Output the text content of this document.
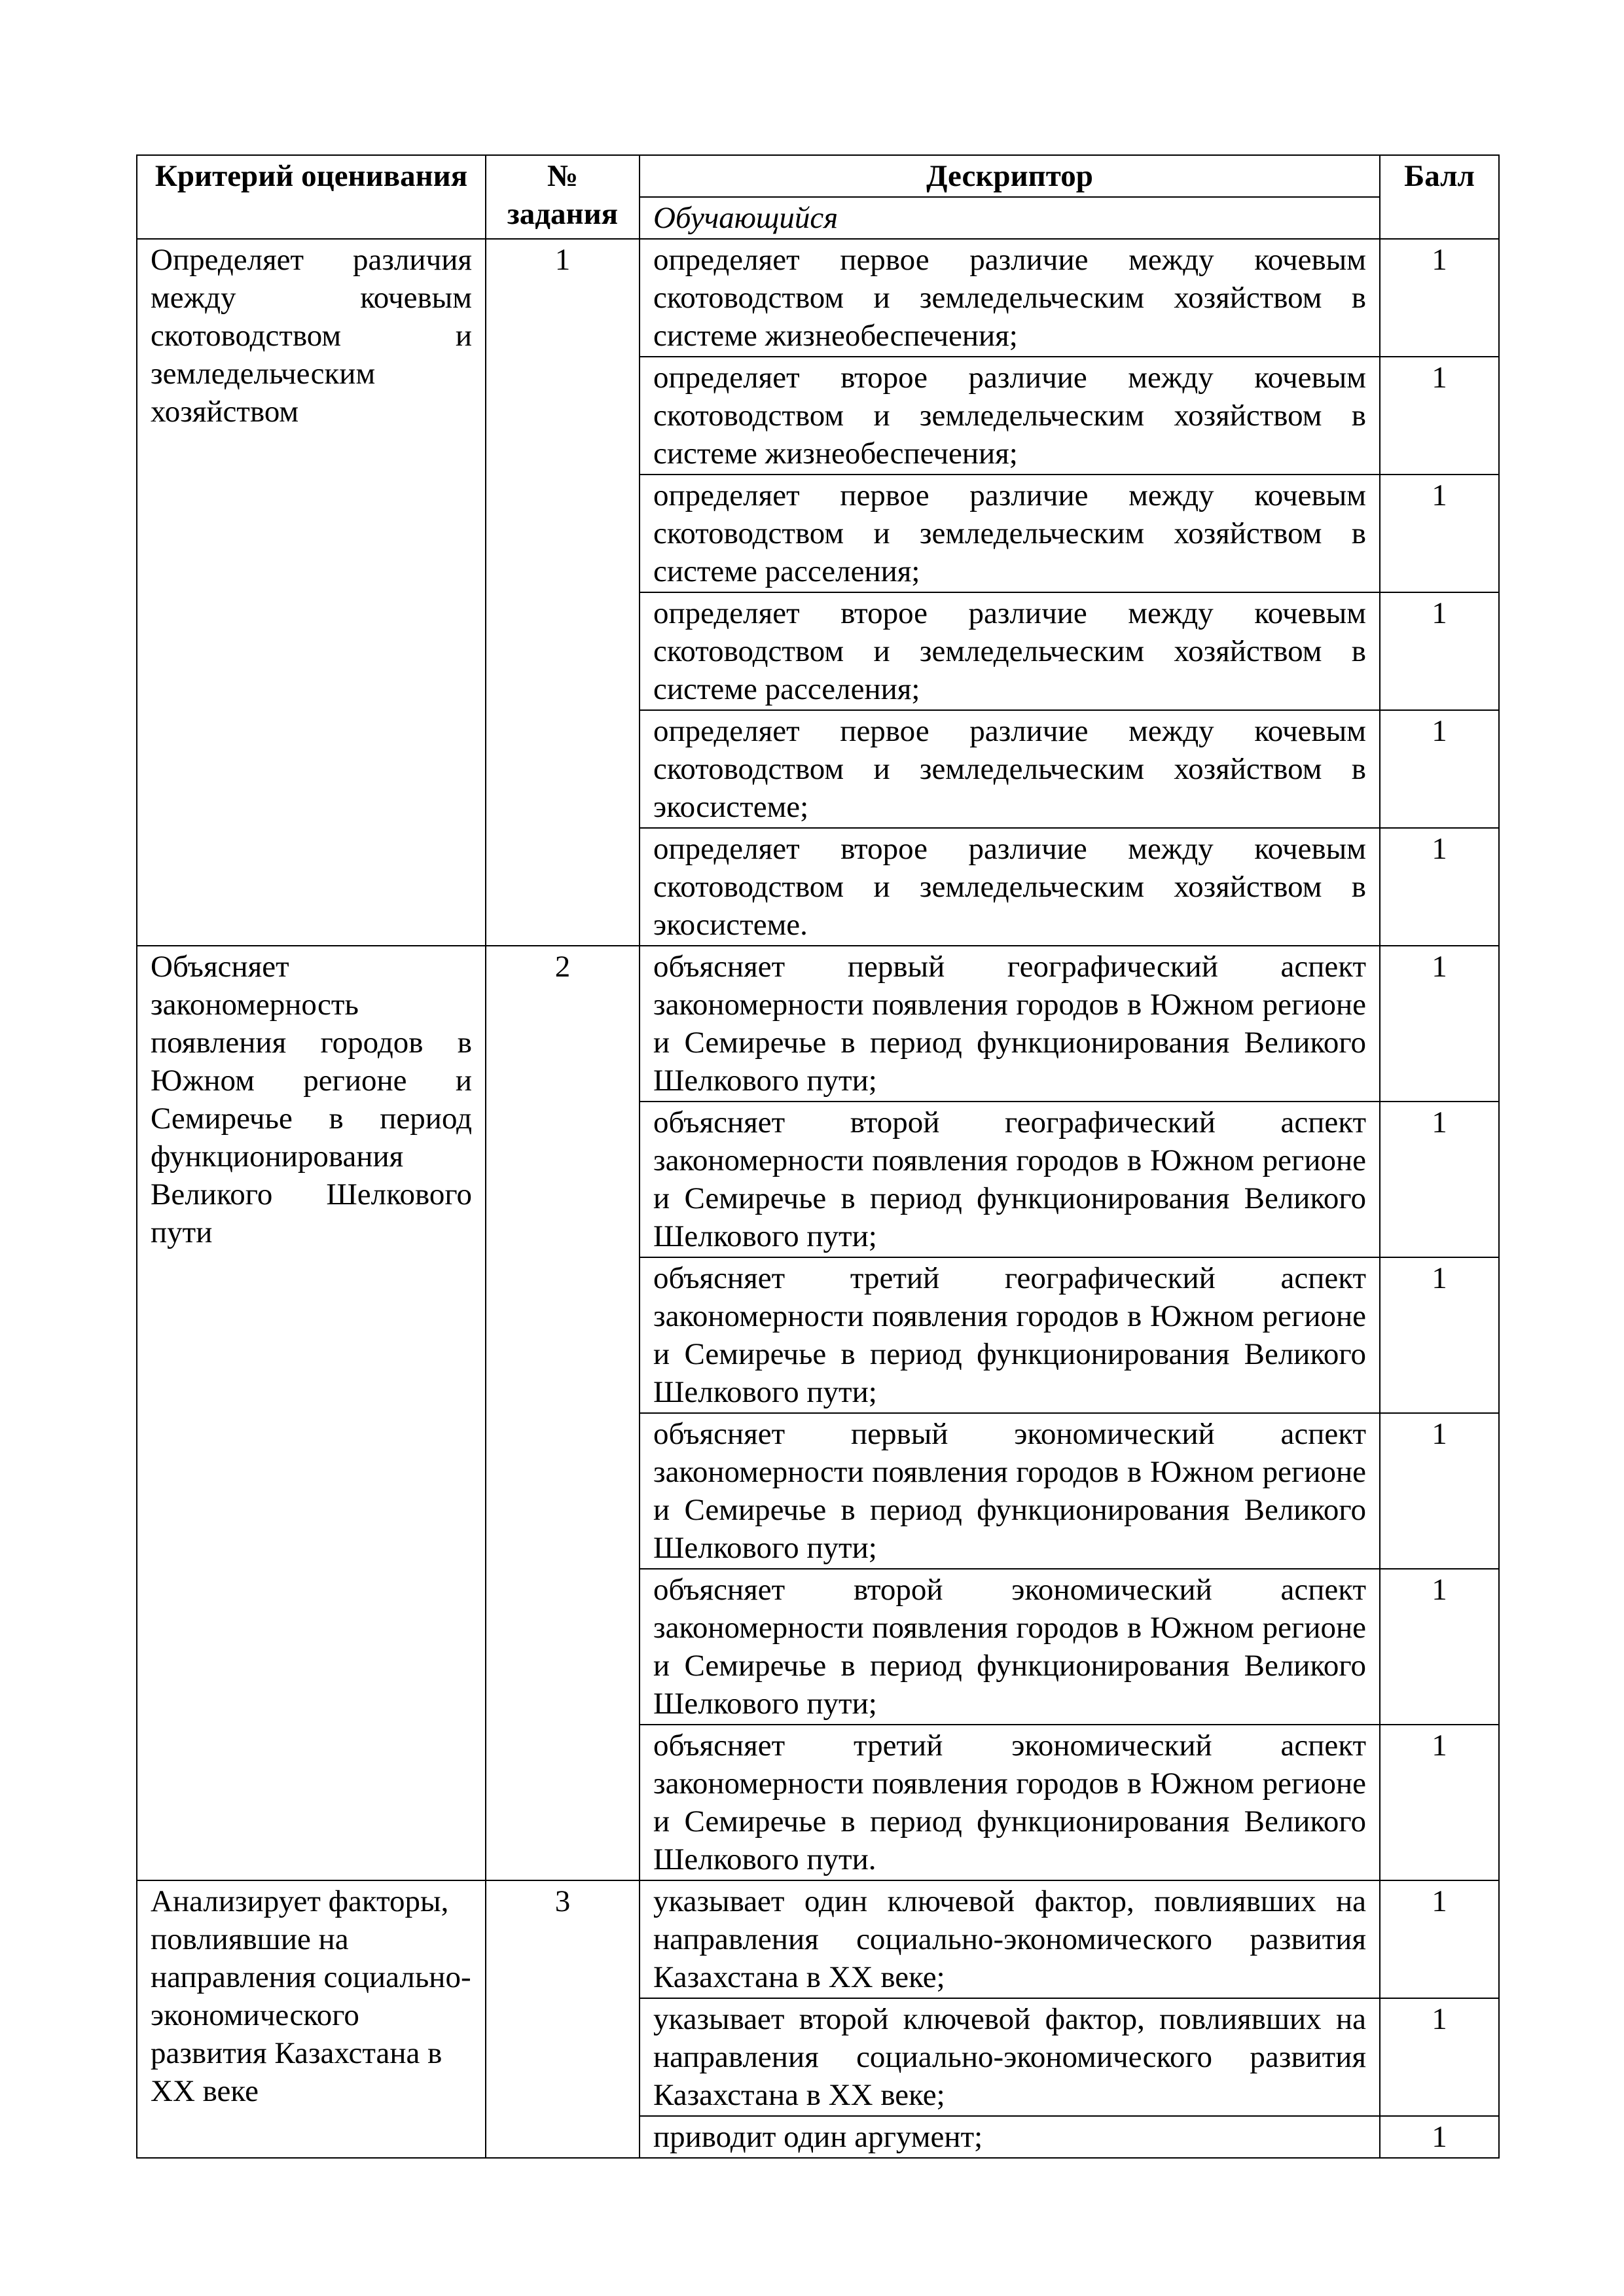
Критерий оценивания	№ задания	Дескриптор	Балл
		Обучающийся	
Определяет различия между кочевым скотоводством и земледельческим хозяйством	1	определяет первое различие между кочевым скотоводством и земледельческим хозяйством в системе жизнеобеспечения;	1
		определяет второе различие между кочевым скотоводством и земледельческим хозяйством в системе жизнеобеспечения;	1
		определяет первое различие между кочевым скотоводством и земледельческим хозяйством в системе расселения;	1
		определяет второе различие между кочевым скотоводством и земледельческим хозяйством в системе расселения;	1
		определяет первое различие между кочевым скотоводством и земледельческим хозяйством в экосистеме;	1
		определяет второе различие между кочевым скотоводством и земледельческим хозяйством в экосистеме.	1
Объясняет закономерность появления городов в Южном регионе и Семиречье в период функционирования Великого Шелкового пути	2	объясняет первый географический аспект закономерности появления городов в Южном регионе и Семиречье в период функционирования Великого Шелкового пути;	1
		объясняет второй географический аспект закономерности появления городов в Южном регионе и Семиречье в период функционирования Великого Шелкового пути;	1
		объясняет третий географический аспект закономерности появления городов в Южном регионе и Семиречье в период функционирования Великого Шелкового пути;	1
		объясняет первый экономический аспект закономерности появления городов в Южном регионе и Семиречье в период функционирования Великого Шелкового пути;	1
		объясняет второй экономический аспект закономерности появления городов в Южном регионе и Семиречье в период функционирования Великого Шелкового пути;	1
		объясняет третий экономический аспект закономерности появления городов в Южном регионе и Семиречье в период функционирования Великого Шелкового пути.	1
Анализирует факторы, повлиявшие на направления социально-экономического развития Казахстана в XX веке	3	указывает один ключевой фактор, повлиявших на направления социально-экономического развития Казахстана в XX веке;	1
		указывает второй ключевой фактор, повлиявших на направления социально-экономического развития Казахстана в XX веке;	1
		приводит один аргумент;	1
